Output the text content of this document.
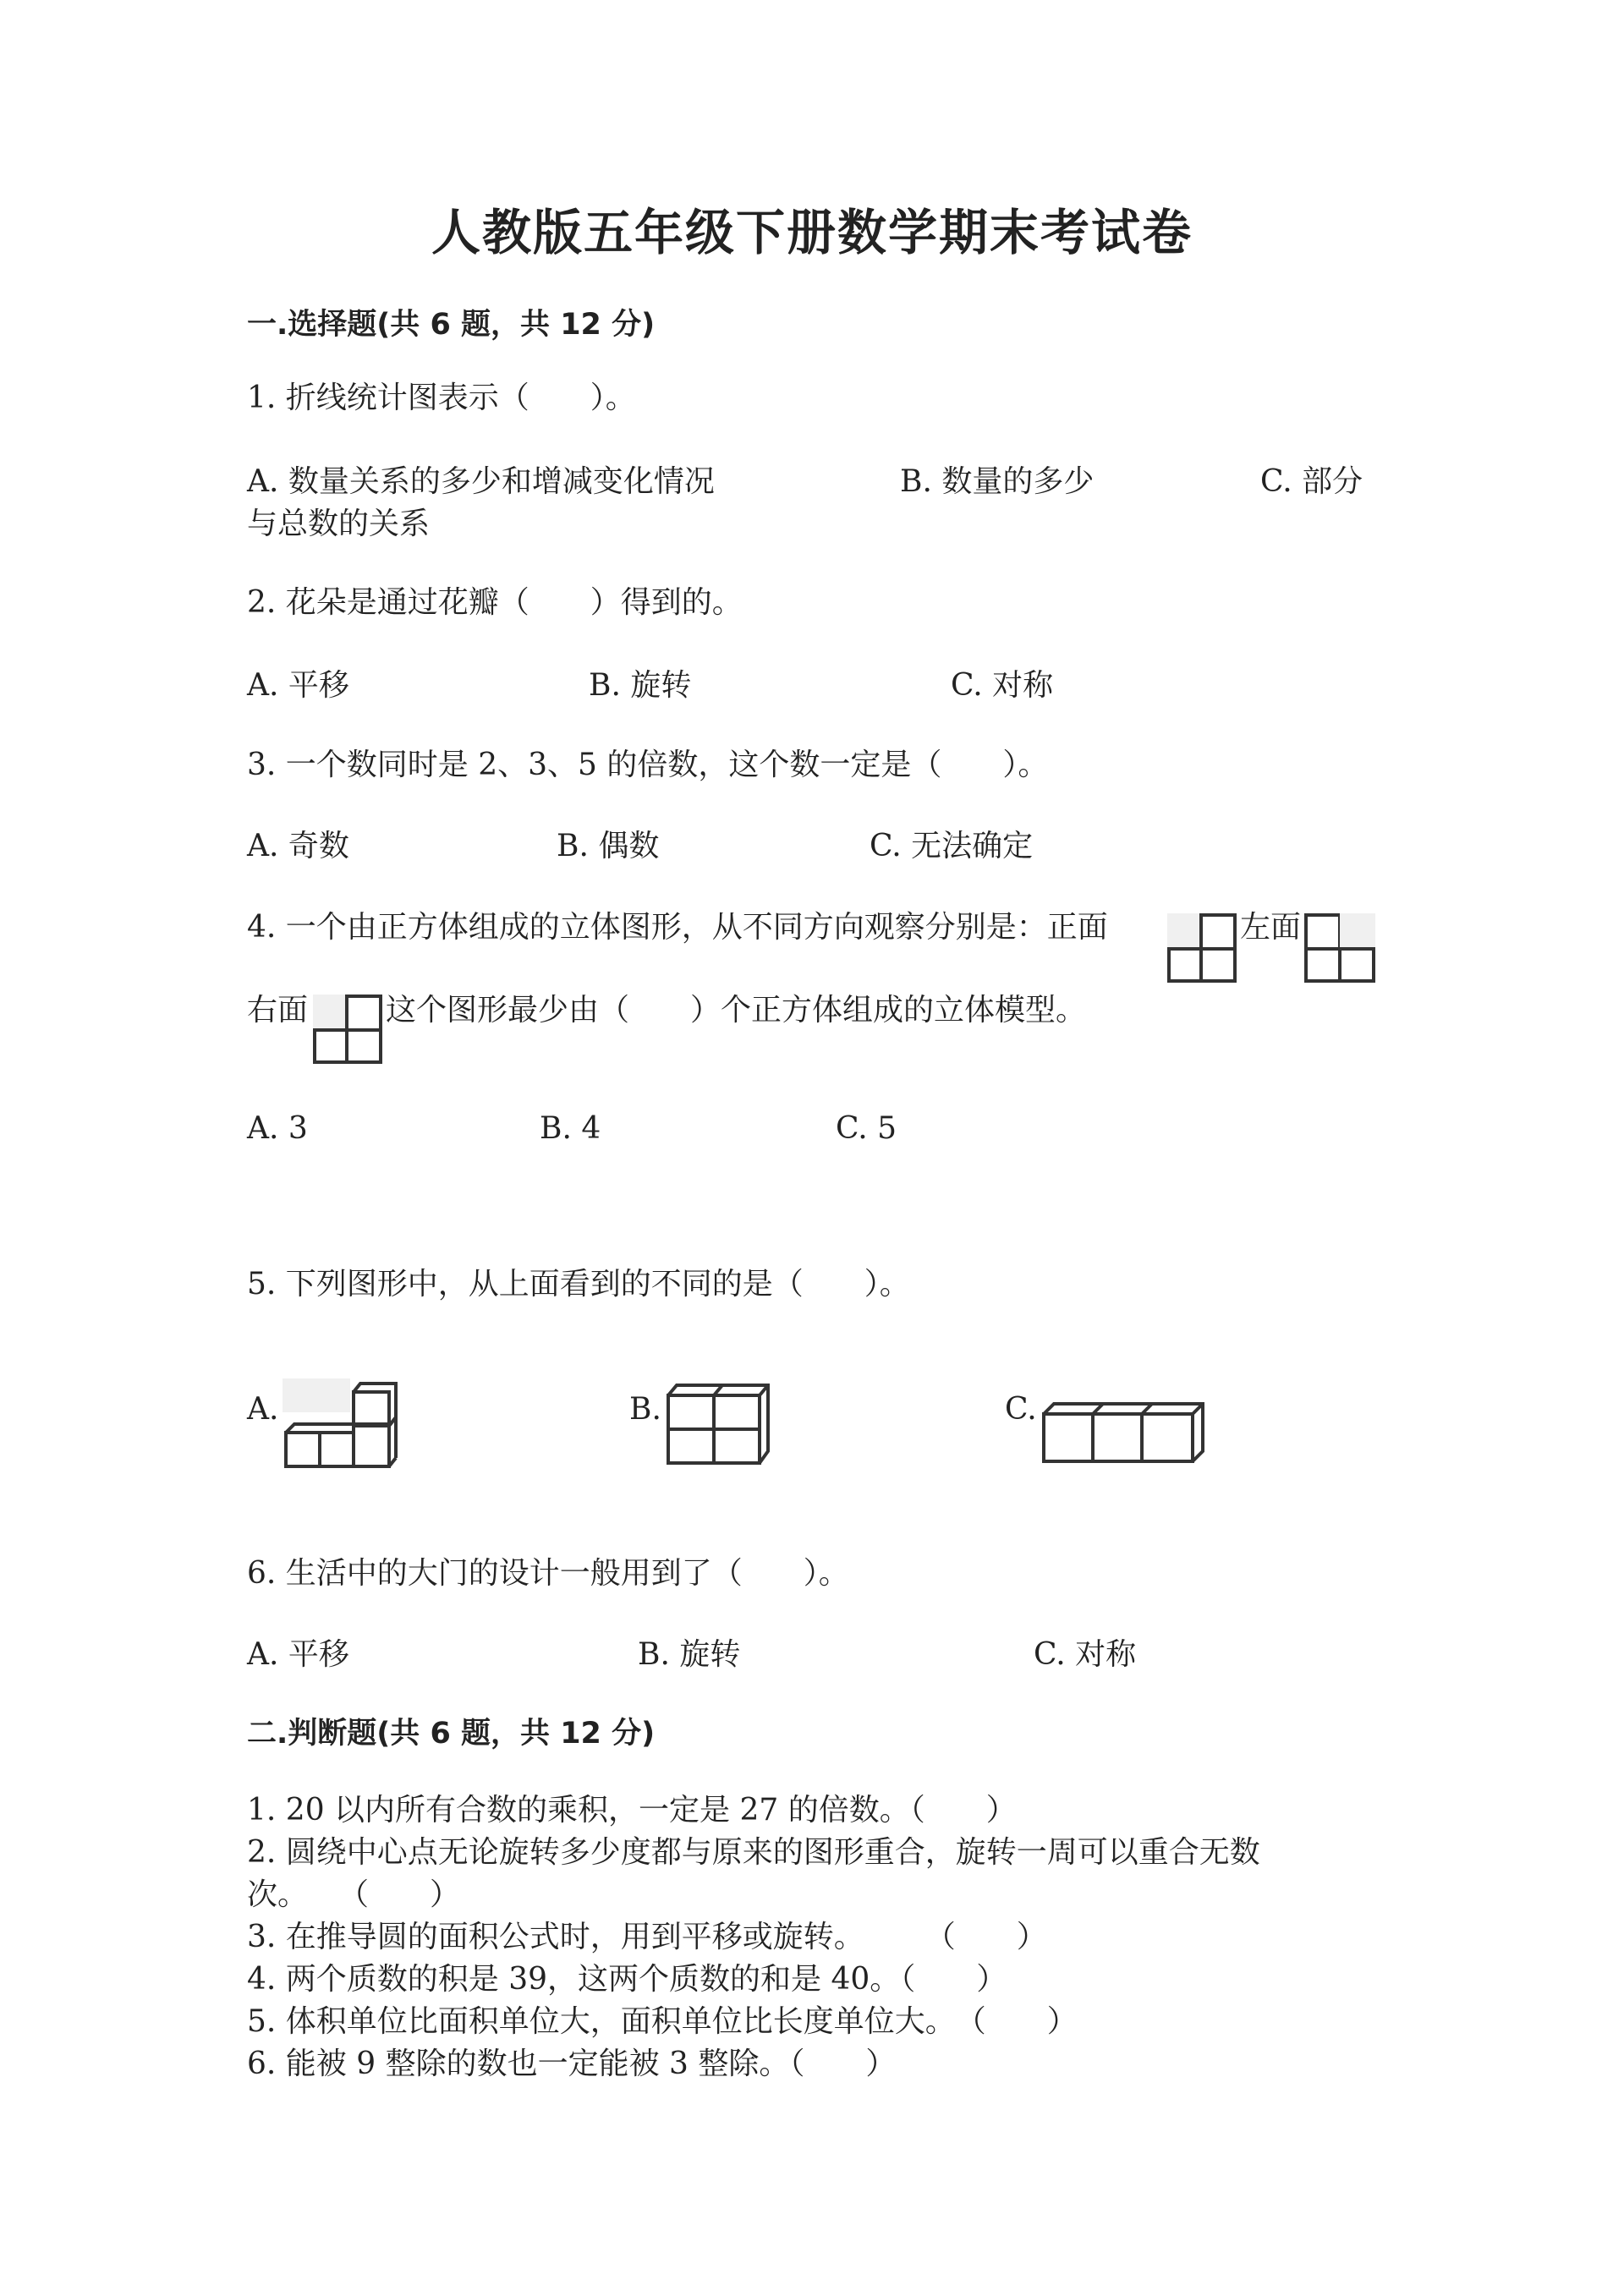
人教版五年级下册数学期末考试卷
一.选择题(共 6 题，共 12 分)
1. 折线统计图表示（　　）。
A. 数量关系的多少和增减变化情况	B. 数量的多少	C. 部分
与总数的关系
2. 花朵是通过花瓣（　　）得到的。
A. 平移	B. 旋转	C. 对称
3. 一个数同时是 2、3、5 的倍数，这个数一定是（　　）。
A. 奇数	B. 偶数	C. 无法确定
4. 一个由正方体组成的立体图形，从不同方向观察分别是：正面	左面
右面	这个图形最少由（　　）个正方体组成的立体模型。
A. 3	B. 4	C. 5
5. 下列图形中，从上面看到的不同的是（　　）。
A.	B.	C.
6. 生活中的大门的设计一般用到了（　　）。
A. 平移	B. 旋转	C. 对称
二.判断题(共 6 题，共 12 分)
1. 20 以内所有合数的乘积，一定是 27 的倍数。（　　）
2. 圆绕中心点无论旋转多少度都与原来的图形重合，旋转一周可以重合无数
次。　　（　　）
3. 在推导圆的面积公式时，用到平移或旋转。　　　（　　）
4. 两个质数的积是 39，这两个质数的和是 40。（　　）
5. 体积单位比面积单位大，面积单位比长度单位大。　（　　）
6. 能被 9 整除的数也一定能被 3 整除。（　　）
